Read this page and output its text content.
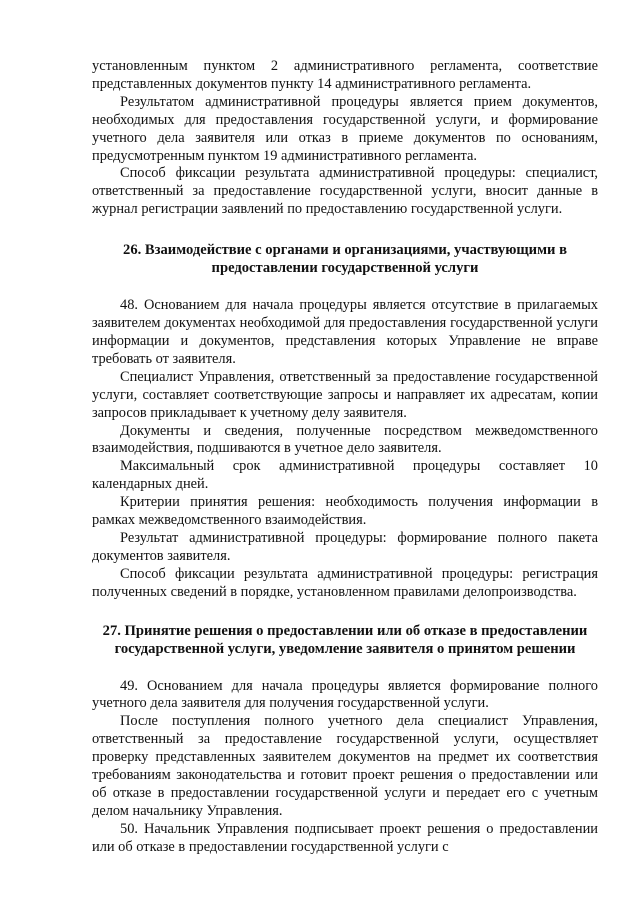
установленным пунктом 2 административного регламента, соответствие представленных документов пункту 14 административного регламента.

Результатом административной процедуры является прием документов, необходимых для предоставления государственной услуги, и формирование учетного дела заявителя или отказ в приеме документов по основаниям, предусмотренным пунктом 19 административного регламента.

Способ фиксации результата административной процедуры: специалист, ответственный за предоставление государственной услуги, вносит данные в журнал регистрации заявлений по предоставлению государственной услуги.

26. Взаимодействие с органами и организациями, участвующими в
предоставлении государственной услуги

48. Основанием для начала процедуры является отсутствие в прилагаемых заявителем документах необходимой для предоставления государственной услуги информации и документов, представления которых Управление не вправе требовать от заявителя.

Специалист Управления, ответственный за предоставление государственной услуги, составляет соответствующие запросы и направляет их адресатам, копии запросов прикладывает к учетному делу заявителя.

Документы и сведения, полученные посредством межведомственного взаимодействия, подшиваются в учетное дело заявителя.

Максимальный срок административной процедуры составляет 10 календарных дней.

Критерии принятия решения: необходимость получения информации в рамках межведомственного взаимодействия.

Результат административной процедуры: формирование полного пакета документов заявителя.

Способ фиксации результата административной процедуры: регистрация полученных сведений в порядке, установленном правилами делопроизводства.

27. Принятие решения о предоставлении или об отказе в предоставлении
государственной услуги, уведомление заявителя о принятом решении

49. Основанием для начала процедуры является формирование полного учетного дела заявителя для получения государственной услуги.

После поступления полного учетного дела специалист Управления, ответственный за предоставление государственной услуги, осуществляет проверку представленных заявителем документов на предмет их соответствия требованиям законодательства и готовит проект решения о предоставлении или об отказе в предоставлении государственной услуги и передает его с учетным делом начальнику Управления.

50. Начальник Управления подписывает проект решения о предоставлении или об отказе в предоставлении государственной услуги с
